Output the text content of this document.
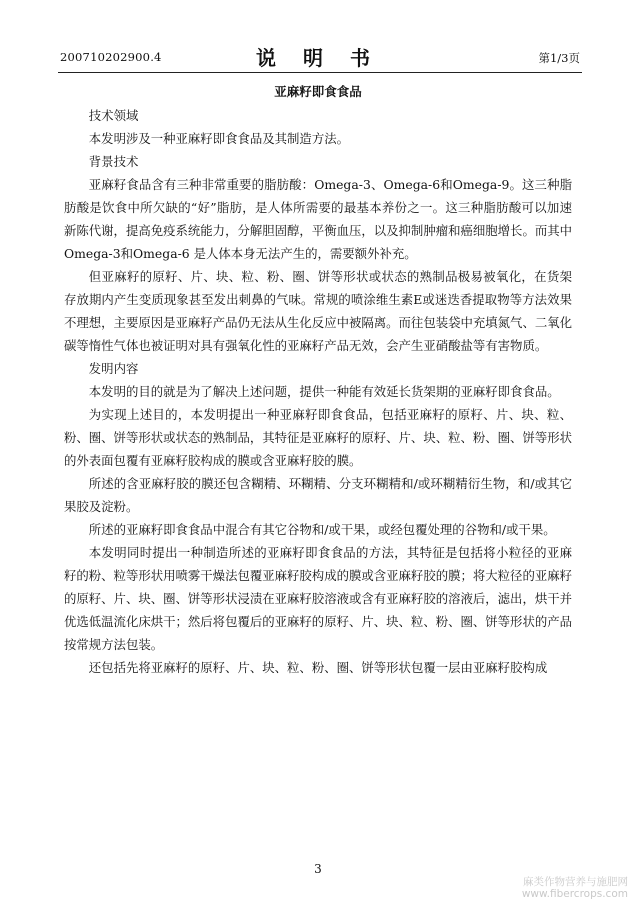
200710202900.4	说 明 书	第1/3页
亚麻籽即食食品

技术领域

本发明涉及一种亚麻籽即食食品及其制造方法。

背景技术

亚麻籽食品含有三种非常重要的脂肪酸：Omega-3、Omega-6和Omega-9。这三种脂肪酸是饮食中所欠缺的“好”脂肪，是人体所需要的最基本养份之一。这三种脂肪酸可以加速新陈代谢，提高免疫系统能力，分解胆固醇，平衡血压，以及抑制肿瘤和癌细胞增长。而其中Omega-3和Omega-6 是人体本身无法产生的，需要额外补充。

但亚麻籽的原籽、片、块、粒、粉、圈、饼等形状或状态的熟制品极易被氧化，在货架存放期内产生变质现象甚至发出刺鼻的气味。常规的喷涂维生素E或迷迭香提取物等方法效果不理想，主要原因是亚麻籽产品仍无法从生化反应中被隔离。而往包装袋中充填氮气、二氧化碳等惰性气体也被证明对具有强氧化性的亚麻籽产品无效，会产生亚硝酸盐等有害物质。

发明内容

本发明的目的就是为了解决上述问题，提供一种能有效延长货架期的亚麻籽即食食品。

为实现上述目的，本发明提出一种亚麻籽即食食品，包括亚麻籽的原籽、片、块、粒、粉、圈、饼等形状或状态的熟制品，其特征是亚麻籽的原籽、片、块、粒、粉、圈、饼等形状的外表面包覆有亚麻籽胶构成的膜或含亚麻籽胶的膜。

所述的含亚麻籽胶的膜还包含糊精、环糊精、分支环糊精和/或环糊精衍生物，和/或其它果胶及淀粉。

所述的亚麻籽即食食品中混合有其它谷物和/或干果，或经包覆处理的谷物和/或干果。

本发明同时提出一种制造所述的亚麻籽即食食品的方法，其特征是包括将小粒径的亚麻籽的粉、粒等形状用喷雾干燥法包覆亚麻籽胶构成的膜或含亚麻籽胶的膜；将大粒径的亚麻籽的原籽、片、块、圈、饼等形状浸渍在亚麻籽胶溶液或含有亚麻籽胶的溶液后，滤出，烘干并优选低温流化床烘干；然后将包覆后的亚麻籽的原籽、片、块、粒、粉、圈、饼等形状的产品按常规方法包装。

还包括先将亚麻籽的原籽、片、块、粒、粉、圈、饼等形状包覆一层由亚麻籽胶构成

3
麻类作物营养与施肥网
www.fibercrops.com
